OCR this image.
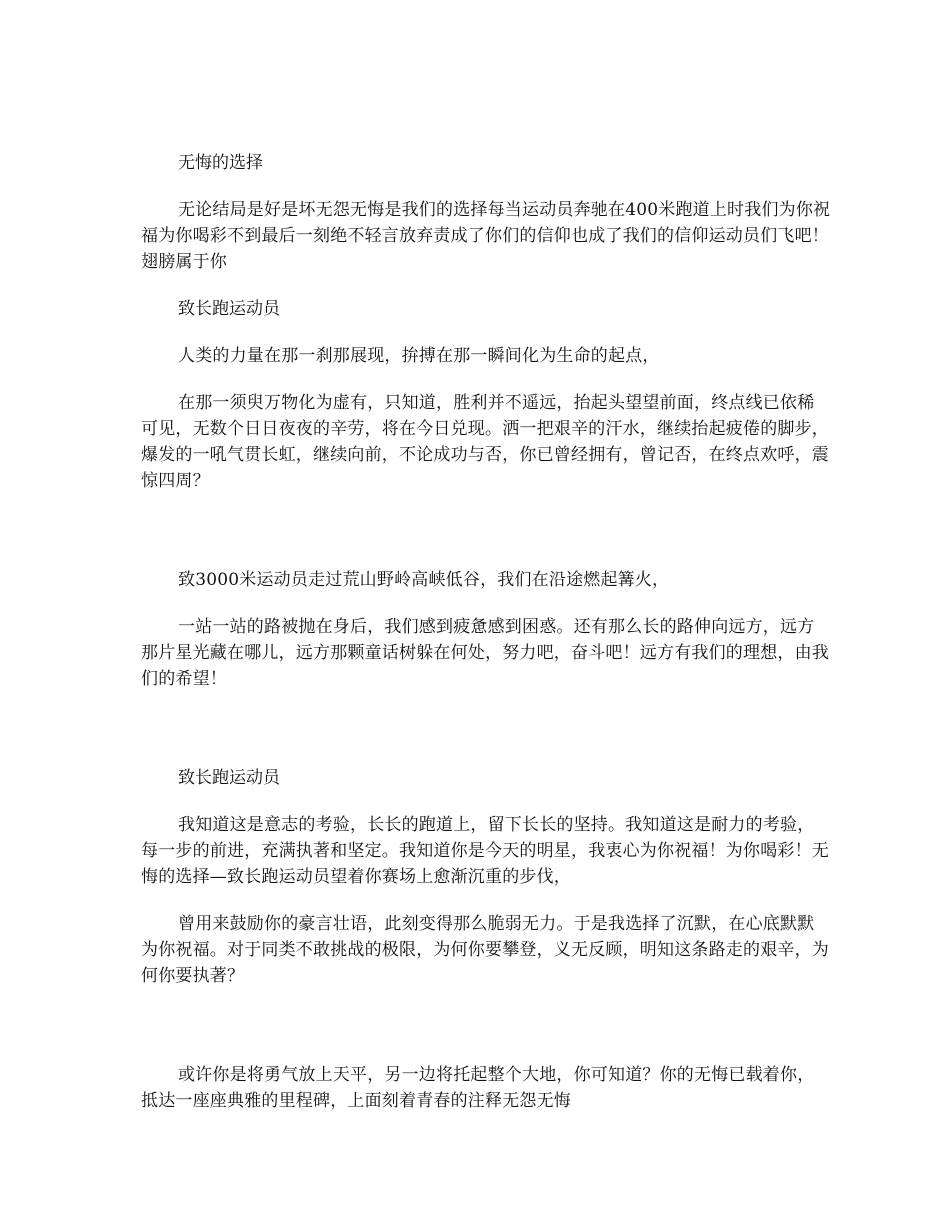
无悔的选择

无论结局是好是坏无怨无悔是我们的选择每当运动员奔驰在400米跑道上时我们为你祝福为你喝彩不到最后一刻绝不轻言放弃责成了你们的信仰也成了我们的信仰运动员们飞吧！翅膀属于你

致长跑运动员

人类的力量在那一刹那展现，拚搏在那一瞬间化为生命的起点，

在那一须臾万物化为虚有，只知道，胜利并不遥远，抬起头望望前面，终点线已依稀可见，无数个日日夜夜的辛劳，将在今日兑现。洒一把艰辛的汗水，继续抬起疲倦的脚步，爆发的一吼气贯长虹，继续向前，不论成功与否，你已曾经拥有，曾记否，在终点欢呼，震惊四周？

致3000米运动员走过荒山野岭高峡低谷，我们在沿途燃起篝火，

一站一站的路被抛在身后，我们感到疲惫感到困惑。还有那么长的路伸向远方，远方那片星光藏在哪儿，远方那颗童话树躲在何处，努力吧，奋斗吧！远方有我们的理想，由我们的希望！

致长跑运动员

我知道这是意志的考验，长长的跑道上，留下长长的坚持。我知道这是耐力的考验，每一步的前进，充满执著和坚定。我知道你是今天的明星，我衷心为你祝福！为你喝彩！无悔的选择—致长跑运动员望着你赛场上愈渐沉重的步伐，

曾用来鼓励你的豪言壮语，此刻变得那么脆弱无力。于是我选择了沉默，在心底默默为你祝福。对于同类不敢挑战的极限，为何你要攀登，义无反顾，明知这条路走的艰辛，为何你要执著？

或许你是将勇气放上天平，另一边将托起整个大地，你可知道？你的无悔已载着你，抵达一座座典雅的里程碑，上面刻着青春的注释无怨无悔
